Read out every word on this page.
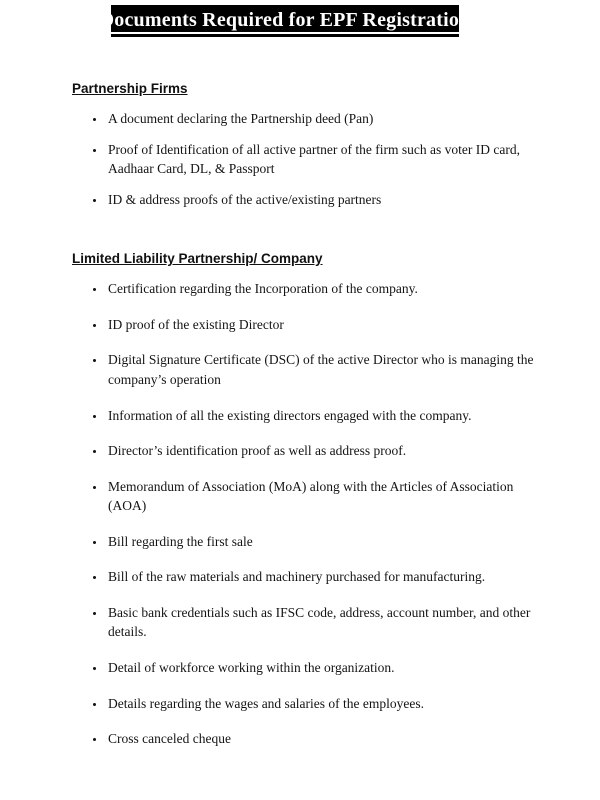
Documents Required for EPF Registration
Partnership Firms
• A document declaring the Partnership deed (Pan)
• Proof of Identification of all active partner of the firm such as voter ID card, Aadhaar Card, DL, & Passport
• ID & address proofs of the active/existing partners
Limited Liability Partnership/ Company
• Certification regarding the Incorporation of the company.
• ID proof of the existing Director
• Digital Signature Certificate (DSC) of the active Director who is managing the company’s operation
• Information of all the existing directors engaged with the company.
• Director’s identification proof as well as address proof.
• Memorandum of Association (MoA) along with the Articles of Association (AOA)
• Bill regarding the first sale
• Bill of the raw materials and machinery purchased for manufacturing.
• Basic bank credentials such as IFSC code, address, account number, and other details.
• Detail of workforce working within the organization.
• Details regarding the wages and salaries of the employees.
• Cross canceled cheque
